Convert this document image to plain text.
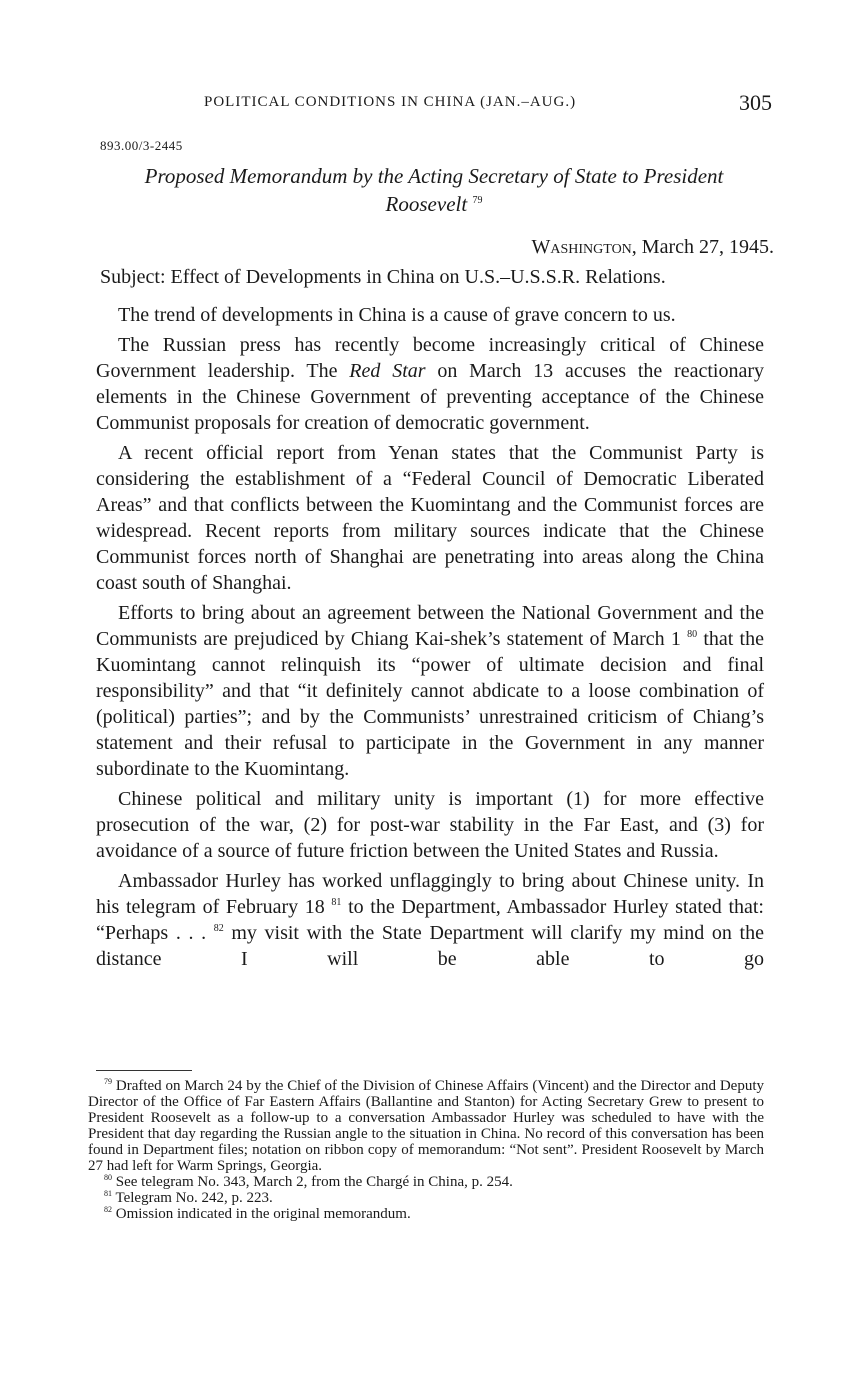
POLITICAL CONDITIONS IN CHINA (JAN.–AUG.)	305
893.00/3-2445
Proposed Memorandum by the Acting Secretary of State to President
Roosevelt $^{79}$
Washington, March 27, 1945.
Subject: Effect of Developments in China on U.S.–U.S.S.R. Relations.

The trend of developments in China is a cause of grave concern to us.

The Russian press has recently become increasingly critical of Chinese Government leadership. The Red Star on March 13 accuses the reactionary elements in the Chinese Government of preventing acceptance of the Chinese Communist proposals for creation of democratic government.

A recent official report from Yenan states that the Communist Party is considering the establishment of a “Federal Council of Democratic Liberated Areas” and that conflicts between the Kuomintang and the Communist forces are widespread. Recent reports from military sources indicate that the Chinese Communist forces north of Shanghai are penetrating into areas along the China coast south of Shanghai.

Efforts to bring about an agreement between the National Government and the Communists are prejudiced by Chiang Kai-shek’s statement of March 1 $^{80}$ that the Kuomintang cannot relinquish its “power of ultimate decision and final responsibility” and that “it definitely cannot abdicate to a loose combination of (political) parties”; and by the Communists’ unrestrained criticism of Chiang’s statement and their refusal to participate in the Government in any manner subordinate to the Kuomintang.

Chinese political and military unity is important (1) for more effective prosecution of the war, (2) for post-war stability in the Far East, and (3) for avoidance of a source of future friction between the United States and Russia.

Ambassador Hurley has worked unflaggingly to bring about Chinese unity. In his telegram of February 18 $^{81}$ to the Department, Ambassador Hurley stated that: “Perhaps . . . $^{82}$ my visit with the State Department will clarify my mind on the distance I will be able to go

$^{79}$ Drafted on March 24 by the Chief of the Division of Chinese Affairs (Vincent) and the Director and Deputy Director of the Office of Far Eastern Affairs (Ballantine and Stanton) for Acting Secretary Grew to present to President Roosevelt as a follow-up to a conversation Ambassador Hurley was scheduled to have with the President that day regarding the Russian angle to the situation in China. No record of this conversation has been found in Department files; notation on ribbon copy of memorandum: “Not sent”. President Roosevelt by March 27 had left for Warm Springs, Georgia.

$^{80}$ See telegram No. 343, March 2, from the Chargé in China, p. 254.

$^{81}$ Telegram No. 242, p. 223.

$^{82}$ Omission indicated in the original memorandum.
